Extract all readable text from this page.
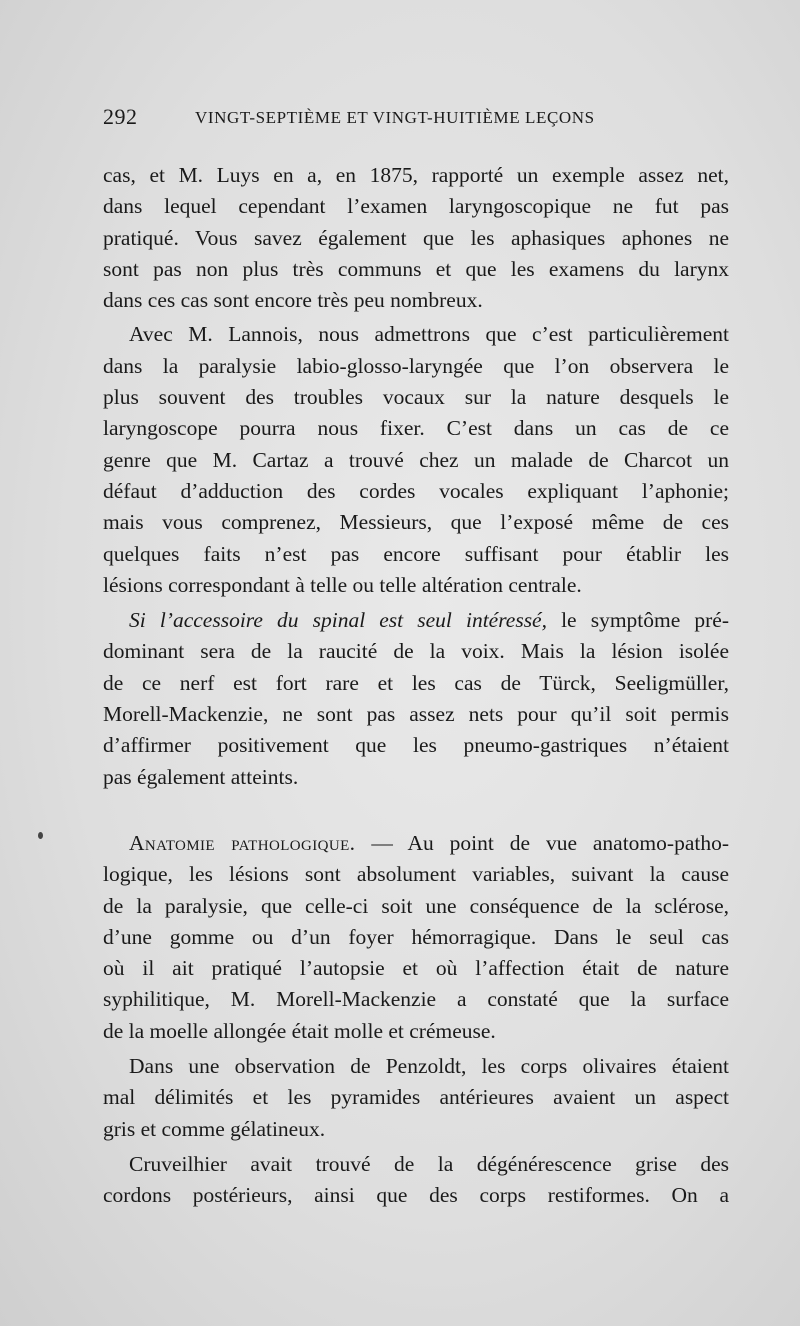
292	VINGT-SEPTIÈME ET VINGT-HUITIÈME LEÇONS
cas, et M. Luys en a, en 1875, rapporté un exemple assez net,
dans lequel cependant l’examen laryngoscopique ne fut pas
pratiqué. Vous savez également que les aphasiques aphones ne
sont pas non plus très communs et que les examens du larynx
dans ces cas sont encore très peu nombreux.
Avec M. Lannois, nous admettrons que c’est particulièrement
dans la paralysie labio-glosso-laryngée que l’on observera le
plus souvent des troubles vocaux sur la nature desquels le
laryngoscope pourra nous fixer. C’est dans un cas de ce
genre que M. Cartaz a trouvé chez un malade de Charcot un
défaut d’adduction des cordes vocales expliquant l’aphonie;
mais vous comprenez, Messieurs, que l’exposé même de ces
quelques faits n’est pas encore suffisant pour établir les
lésions correspondant à telle ou telle altération centrale.
Si l’accessoire du spinal est seul intéressé, le symptôme pré-
dominant sera de la raucité de la voix. Mais la lésion isolée
de ce nerf est fort rare et les cas de Türck, Seeligmüller,
Morell-Mackenzie, ne sont pas assez nets pour qu’il soit permis
d’affirmer positivement que les pneumo-gastriques n’étaient
pas également atteints.
Anatomie pathologique. — Au point de vue anatomo-patho-
logique, les lésions sont absolument variables, suivant la cause
de la paralysie, que celle-ci soit une conséquence de la sclérose,
d’une gomme ou d’un foyer hémorragique. Dans le seul cas
où il ait pratiqué l’autopsie et où l’affection était de nature
syphilitique, M. Morell-Mackenzie a constaté que la surface
de la moelle allongée était molle et crémeuse.
Dans une observation de Penzoldt, les corps olivaires étaient
mal délimités et les pyramides antérieures avaient un aspect
gris et comme gélatineux.
Cruveilhier avait trouvé de la dégénérescence grise des
cordons postérieurs, ainsi que des corps restiformes. On a
